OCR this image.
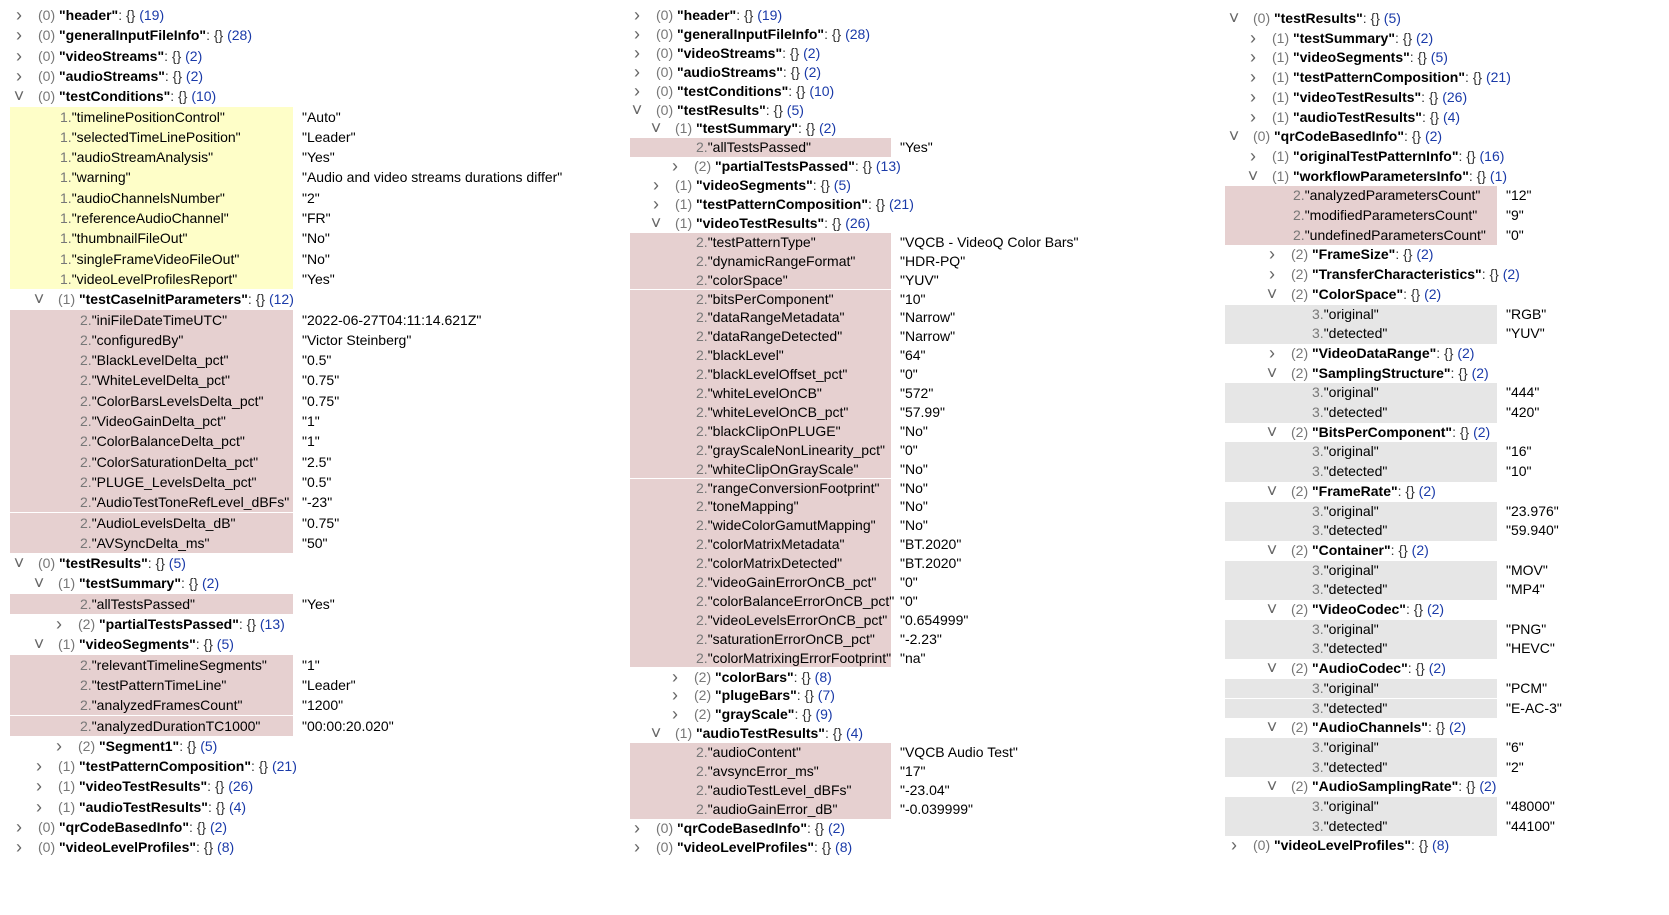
› (0) "header": {} (19)
› (0) "generalInputFileInfo": {} (28)
› (0) "videoStreams": {} (2)
› (0) "audioStreams": {} (2)
˅ (0) "testConditions": {} (10)
1."timelinePositionControl"	"Auto"
1."selectedTimeLinePosition"	"Leader"
1."audioStreamAnalysis"	"Yes"
1."warning"	"Audio and video streams durations differ"
1."audioChannelsNumber"	"2"
1."referenceAudioChannel"	"FR"
1."thumbnailFileOut"	"No"
1."singleFrameVideoFileOut"	"No"
1."videoLevelProfilesReport"	"Yes"
˅ (1) "testCaseInitParameters": {} (12)
2."iniFileDateTimeUTC"	"2022-06-27T04:11:14.621Z"
2."configuredBy"	"Victor Steinberg"
2."BlackLevelDelta_pct"	"0.5"
2."WhiteLevelDelta_pct"	"0.75"
2."ColorBarsLevelsDelta_pct"	"0.75"
2."VideoGainDelta_pct"	"1"
2."ColorBalanceDelta_pct"	"1"
2."ColorSaturationDelta_pct"	"2.5"
2."PLUGE_LevelsDelta_pct"	"0.5"
2."AudioTestToneRefLevel_dBFs" "-23"
2."AudioLevelsDelta_dB"	"0.75"
2."AVSyncDelta_ms"	"50"
˅ (0) "testResults": {} (5)
˅ (1) "testSummary": {} (2)
2."allTestsPassed"	"Yes"
› (2) "partialTestsPassed": {} (13)
˅ (1) "videoSegments": {} (5)
2."relevantTimelineSegments"	"1"
2."testPatternTimeLine"	"Leader"
2."analyzedFramesCount"	"1200"
2."analyzedDurationTC1000"	"00:00:20.020"
› (2) "Segment1": {} (5)
› (1) "testPatternComposition": {} (21)
› (1) "videoTestResults": {} (26)
› (1) "audioTestResults": {} (4)
› (0) "qrCodeBasedInfo": {} (2)
› (0) "videoLevelProfiles": {} (8)
› (0) "header": {} (19)
› (0) "generalInputFileInfo": {} (28)
› (0) "videoStreams": {} (2)
› (0) "audioStreams": {} (2)
› (0) "testConditions": {} (10)
˅ (0) "testResults": {} (5)
˅ (1) "testSummary": {} (2)
2."allTestsPassed"	"Yes"
› (2) "partialTestsPassed": {} (13)
› (1) "videoSegments": {} (5)
› (1) "testPatternComposition": {} (21)
˅ (1) "videoTestResults": {} (26)
2."testPatternType"	"VQCB - VideoQ Color Bars"
2."dynamicRangeFormat"	"HDR-PQ"
2."colorSpace"	"YUV"
2."bitsPerComponent"	"10"
2."dataRangeMetadata"	"Narrow"
2."dataRangeDetected"	"Narrow"
2."blackLevel"	"64"
2."blackLevelOffset_pct"	"0"
2."whiteLevelOnCB"	"572"
2."whiteLevelOnCB_pct"	"57.99"
2."blackClipOnPLUGE"	"No"
2."grayScaleNonLinearity_pct" "0"
2."whiteClipOnGrayScale"	"No"
2."rangeConversionFootprint" "No"
2."toneMapping"	"No"
2."wideColorGamutMapping" "No"
2."colorMatrixMetadata"	"BT.2020"
2."colorMatrixDetected"	"BT.2020"
2."videoGainErrorOnCB_pct" "0"
2."colorBalanceErrorOnCB_pct" "0"
2."videoLevelsErrorOnCB_pct" "0.654999"
2."saturationErrorOnCB_pct" "-2.23"
2."colorMatrixingErrorFootprint" "na"
› (2) "colorBars": {} (8)
› (2) "plugeBars": {} (7)
› (2) "grayScale": {} (9)
˅ (1) "audioTestResults": {} (4)
2."audioContent"	"VQCB Audio Test"
2."avsyncError_ms"	"17"
2."audioTestLevel_dBFs"	"-23.04"
2."audioGainError_dB"	"-0.039999"
› (0) "qrCodeBasedInfo": {} (2)
› (0) "videoLevelProfiles": {} (8)
˅ (0) "testResults": {} (5)
› (1) "testSummary": {} (2)
› (1) "videoSegments": {} (5)
› (1) "testPatternComposition": {} (21)
› (1) "videoTestResults": {} (26)
› (1) "audioTestResults": {} (4)
˅ (0) "qrCodeBasedInfo": {} (2)
› (1) "originalTestPatternInfo": {} (16)
˅ (1) "workflowParametersInfo": {} (1)
2."analyzedParametersCount" "12"
2."modifiedParametersCount" "9"
2."undefinedParametersCount" "0"
› (2) "FrameSize": {} (2)
› (2) "TransferCharacteristics": {} (2)
˅ (2) "ColorSpace": {} (2)
3."original"	"RGB"
3."detected"	"YUV"
› (2) "VideoDataRange": {} (2)
˅ (2) "SamplingStructure": {} (2)
3."original"	"444"
3."detected"	"420"
˅ (2) "BitsPerComponent": {} (2)
3."original"	"16"
3."detected"	"10"
˅ (2) "FrameRate": {} (2)
3."original"	"23.976"
3."detected"	"59.940"
˅ (2) "Container": {} (2)
3."original"	"MOV"
3."detected"	"MP4"
˅ (2) "VideoCodec": {} (2)
3."original"	"PNG"
3."detected"	"HEVC"
˅ (2) "AudioCodec": {} (2)
3."original"	"PCM"
3."detected"	"E-AC-3"
˅ (2) "AudioChannels": {} (2)
3."original"	"6"
3."detected"	"2"
˅ (2) "AudioSamplingRate": {} (2)
3."original"	"48000"
3."detected"	"44100"
› (0) "videoLevelProfiles": {} (8)
